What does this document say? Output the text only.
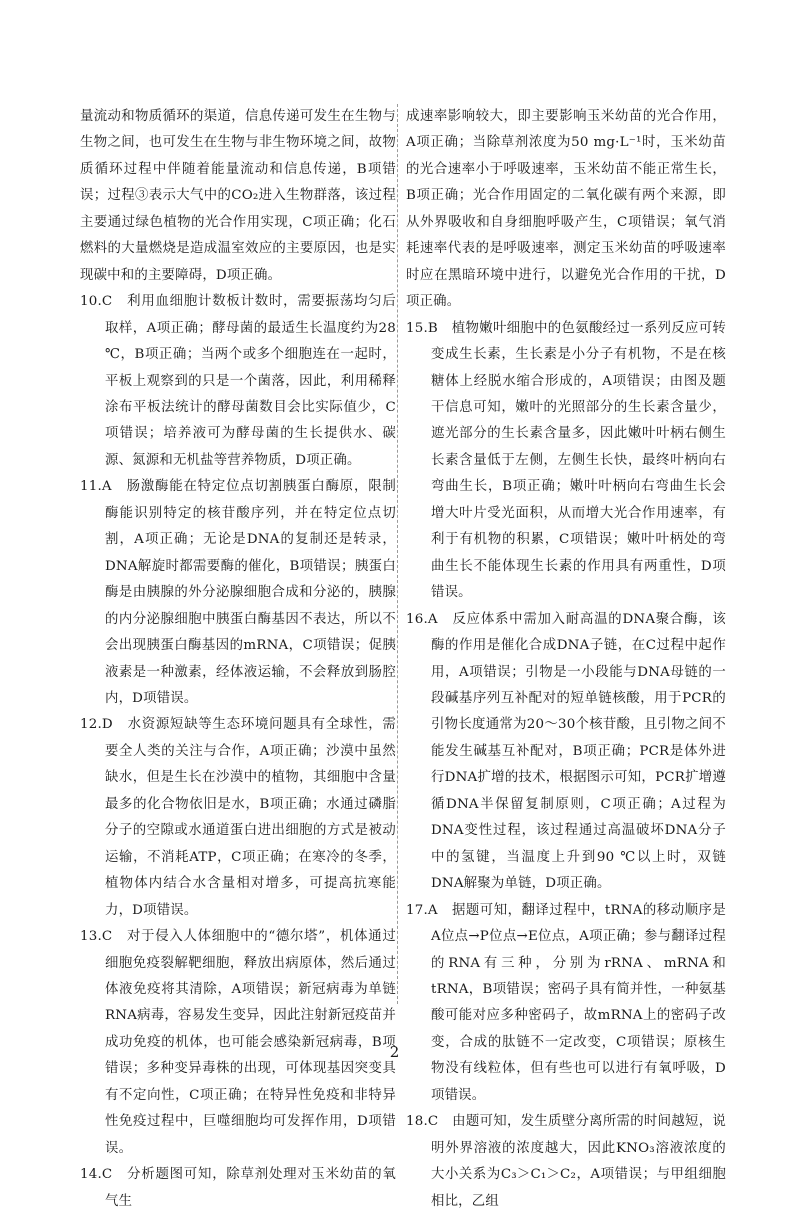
量流动和物质循环的渠道，信息传递可发生在生物与生物之间，也可发生在生物与非生物环境之间，故物质循环过程中伴随着能量流动和信息传递，B项错误；过程③表示大气中的CO₂进入生物群落，该过程主要通过绿色植物的光合作用实现，C项正确；化石燃料的大量燃烧是造成温室效应的主要原因，也是实现碳中和的主要障碍，D项正确。

10.C　 利用血细胞计数板计数时，需要振荡均匀后取样，A项正确；酵母菌的最适生长温度约为28 ℃，B项正确；当两个或多个细胞连在一起时，平板上观察到的只是一个菌落，因此，利用稀释涂布平板法统计的酵母菌数目会比实际值少，C项错误；培养液可为酵母菌的生长提供水、碳源、氮源和无机盐等营养物质，D项正确。

11.A　 肠激酶能在特定位点切割胰蛋白酶原，限制酶能识别特定的核苷酸序列，并在特定位点切割，A项正确；无论是DNA的复制还是转录，DNA解旋时都需要酶的催化，B项错误；胰蛋白酶是由胰腺的外分泌腺细胞合成和分泌的，胰腺的内分泌腺细胞中胰蛋白酶基因不表达，所以不会出现胰蛋白酶基因的mRNA，C项错误；促胰液素是一种激素，经体液运输，不会释放到肠腔内，D项错误。

12.D　 水资源短缺等生态环境问题具有全球性，需要全人类的关注与合作，A项正确；沙漠中虽然缺水，但是生长在沙漠中的植物，其细胞中含量最多的化合物依旧是水，B项正确；水通过磷脂分子的空隙或水通道蛋白进出细胞的方式是被动运输，不消耗ATP，C项正确；在寒冷的冬季，植物体内结合水含量相对增多，可提高抗寒能力，D项错误。

13.C　 对于侵入人体细胞中的“德尔塔”，机体通过细胞免疫裂解靶细胞，释放出病原体，然后通过体液免疫将其清除，A项错误；新冠病毒为单链RNA病毒，容易发生变异，因此注射新冠疫苗并成功免疫的机体，也可能会感染新冠病毒，B项错误；多种变异毒株的出现，可体现基因突变具有不定向性，C项正确；在特异性免疫和非特异性免疫过程中，巨噬细胞均可发挥作用，D项错误。

14.C　 分析题图可知，除草剂处理对玉米幼苗的氧气生

成速率影响较大，即主要影响玉米幼苗的光合作用，A项正确；当除草剂浓度为50 mg·L⁻¹时，玉米幼苗的光合速率小于呼吸速率，玉米幼苗不能正常生长，B项正确；光合作用固定的二氧化碳有两个来源，即从外界吸收和自身细胞呼吸产生，C项错误；氧气消耗速率代表的是呼吸速率，测定玉米幼苗的呼吸速率时应在黑暗环境中进行，以避免光合作用的干扰，D项正确。

15.B　 植物嫩叶细胞中的色氨酸经过一系列反应可转变成生长素，生长素是小分子有机物，不是在核糖体上经脱水缩合形成的，A项错误；由图及题干信息可知，嫩叶的光照部分的生长素含量少，遮光部分的生长素含量多，因此嫩叶叶柄右侧生长素含量低于左侧，左侧生长快，最终叶柄向右弯曲生长，B项正确；嫩叶叶柄向右弯曲生长会增大叶片受光面积，从而增大光合作用速率，有利于有机物的积累，C项错误；嫩叶叶柄处的弯曲生长不能体现生长素的作用具有两重性，D项错误。

16.A　 反应体系中需加入耐高温的DNA聚合酶，该酶的作用是催化合成DNA子链，在C过程中起作用，A项错误；引物是一小段能与DNA母链的一段碱基序列互补配对的短单链核酸，用于PCR的引物长度通常为20～30个核苷酸，且引物之间不能发生碱基互补配对，B项正确；PCR是体外进行DNA扩增的技术，根据图示可知，PCR扩增遵循DNA半保留复制原则，C项正确；A过程为DNA变性过程，该过程通过高温破坏DNA分子中的氢键，当温度上升到90 ℃以上时，双链DNA解聚为单链，D项正确。

17.A　 据题可知，翻译过程中，tRNA的移动顺序是A位点→P位点→E位点，A项正确；参与翻译过程的RNA有三种，分别为rRNA、mRNA和tRNA，B项错误；密码子具有简并性，一种氨基酸可能对应多种密码子，故mRNA上的密码子改变，合成的肽链不一定改变，C项错误；原核生物没有线粒体，但有些也可以进行有氧呼吸，D项错误。

18.C　 由题可知，发生质壁分离所需的时间越短，说明外界溶液的浓度越大，因此KNO₃溶液浓度的大小关系为C₃＞C₁＞C₂，A项错误；与甲组细胞相比，乙组

2
